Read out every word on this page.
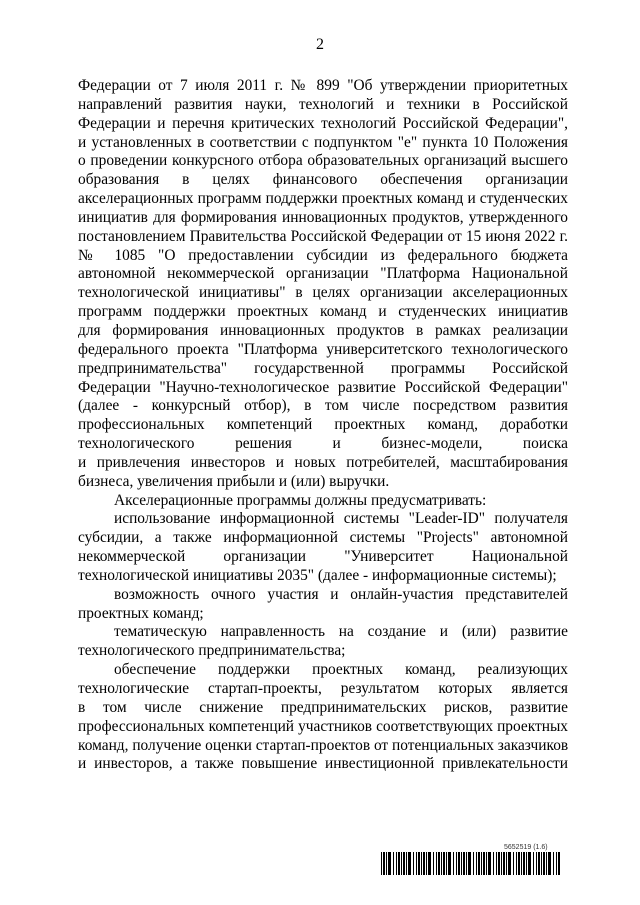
2
Федерации от 7 июля 2011 г. № 899 "Об утверждении приоритетных
направлений развития науки, технологий и техники в Российской
Федерации и перечня критических технологий Российской Федерации",
и установленных в соответствии с подпунктом "е" пункта 10 Положения
о проведении конкурсного отбора образовательных организаций высшего
образования в целях финансового обеспечения организации
акселерационных программ поддержки проектных команд и студенческих
инициатив для формирования инновационных продуктов, утвержденного
постановлением Правительства Российской Федерации от 15 июня 2022 г.
№ 1085 "О предоставлении субсидии из федерального бюджета
автономной некоммерческой организации "Платформа Национальной
технологической инициативы" в целях организации акселерационных
программ поддержки проектных команд и студенческих инициатив
для формирования инновационных продуктов в рамках реализации
федерального проекта "Платформа университетского технологического
предпринимательства" государственной программы Российской
Федерации "Научно-технологическое развитие Российской Федерации"
(далее - конкурсный отбор), в том числе посредством развития
профессиональных компетенций проектных команд, доработки
технологического решения и бизнес-модели, поиска
и привлечения инвесторов и новых потребителей, масштабирования
бизнеса, увеличения прибыли и (или) выручки.
Акселерационные программы должны предусматривать:
использование информационной системы "Leader-ID" получателя
субсидии, а также информационной системы "Projects" автономной
некоммерческой организации "Университет Национальной
технологической инициативы 2035" (далее - информационные системы);
возможность очного участия и онлайн-участия представителей
проектных команд;
тематическую направленность на создание и (или) развитие
технологического предпринимательства;
обеспечение поддержки проектных команд, реализующих
технологические стартап-проекты, результатом которых является
в том числе снижение предпринимательских рисков, развитие
профессиональных компетенций участников соответствующих проектных
команд, получение оценки стартап-проектов от потенциальных заказчиков
и инвесторов, а также повышение инвестиционной привлекательности
5652519 (1.6)
